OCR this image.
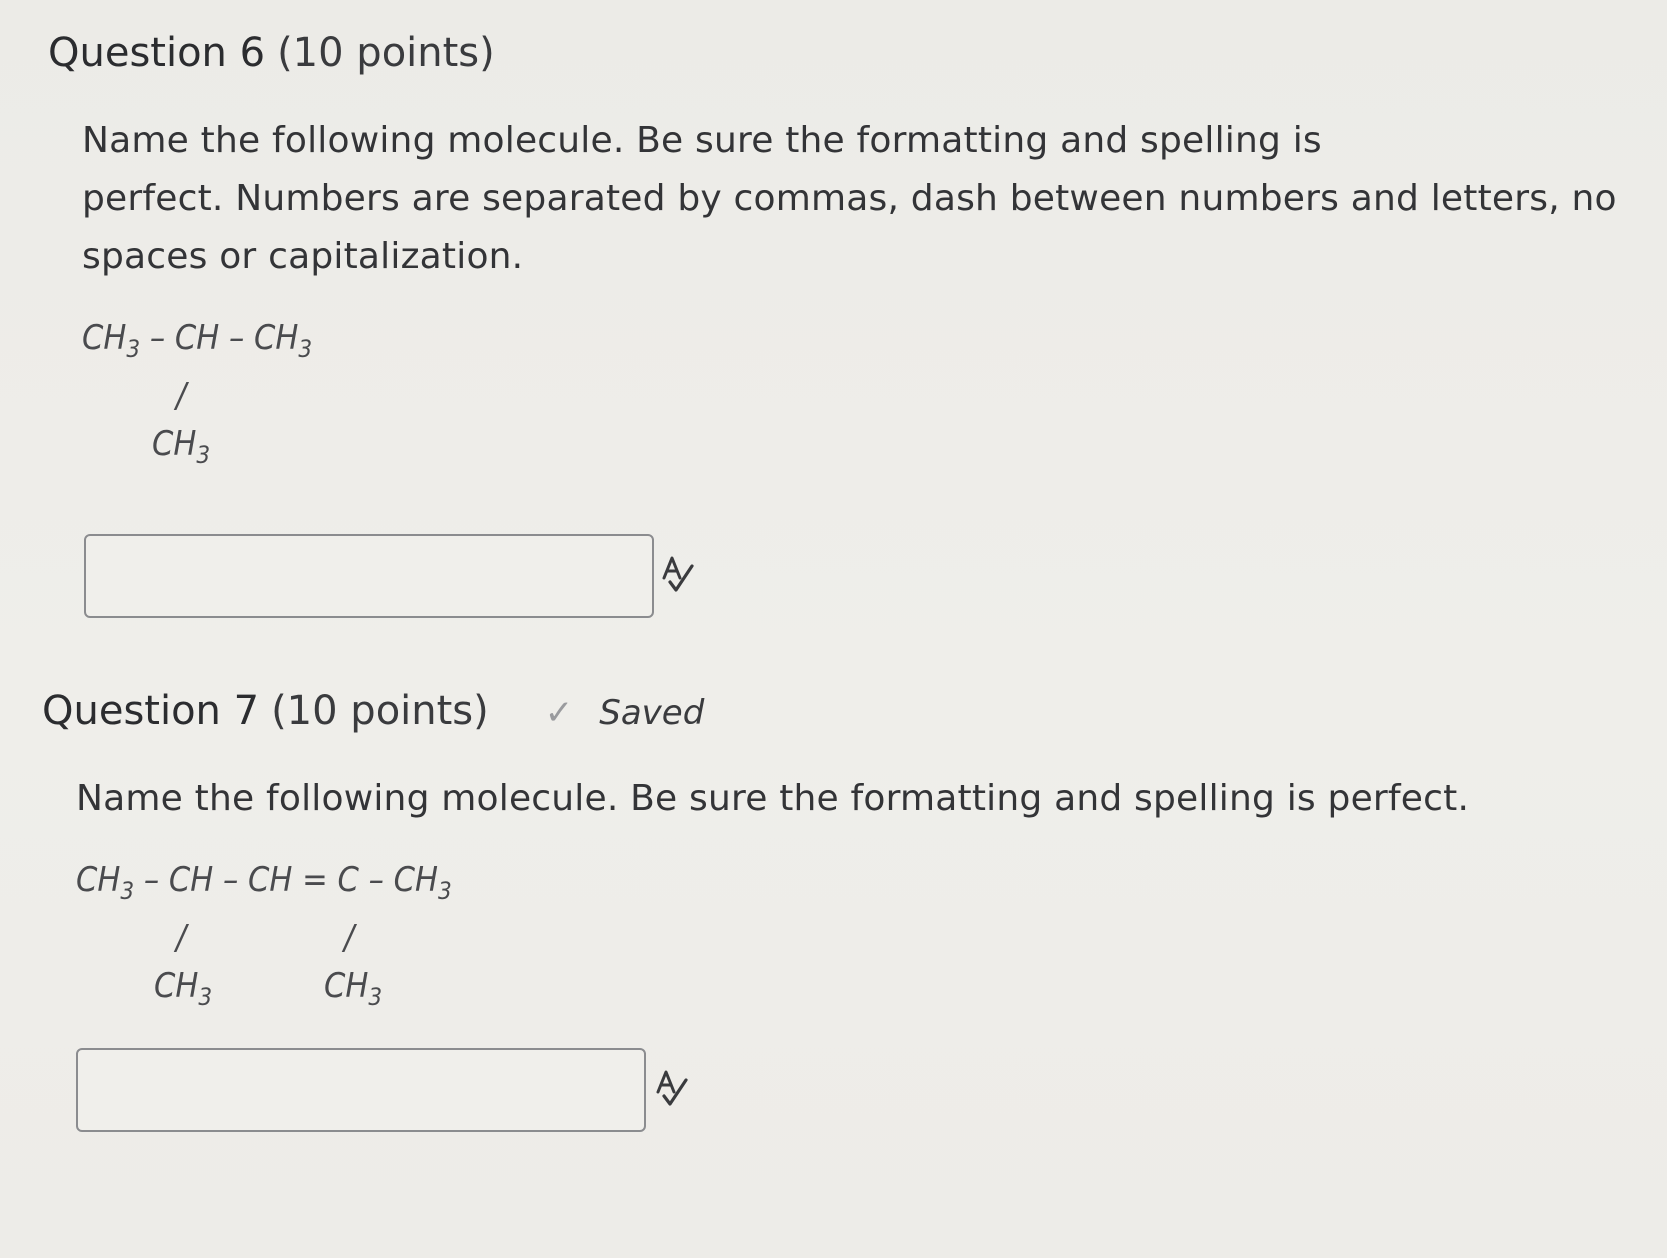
Question 6 (10 points)
Name the following molecule. Be sure the formatting and spelling is
perfect. Numbers are separated by commas, dash between numbers and letters, no
spaces or capitalization.
$CH_3$ – CH – $CH_3$
/
$CH_3$
Question 7 (10 points) ✓ Saved
Name the following molecule. Be sure the formatting and spelling is perfect.
$CH_3$ – CH – CH = C – $CH_3$
/
$CH_3$
/
$CH_3$
